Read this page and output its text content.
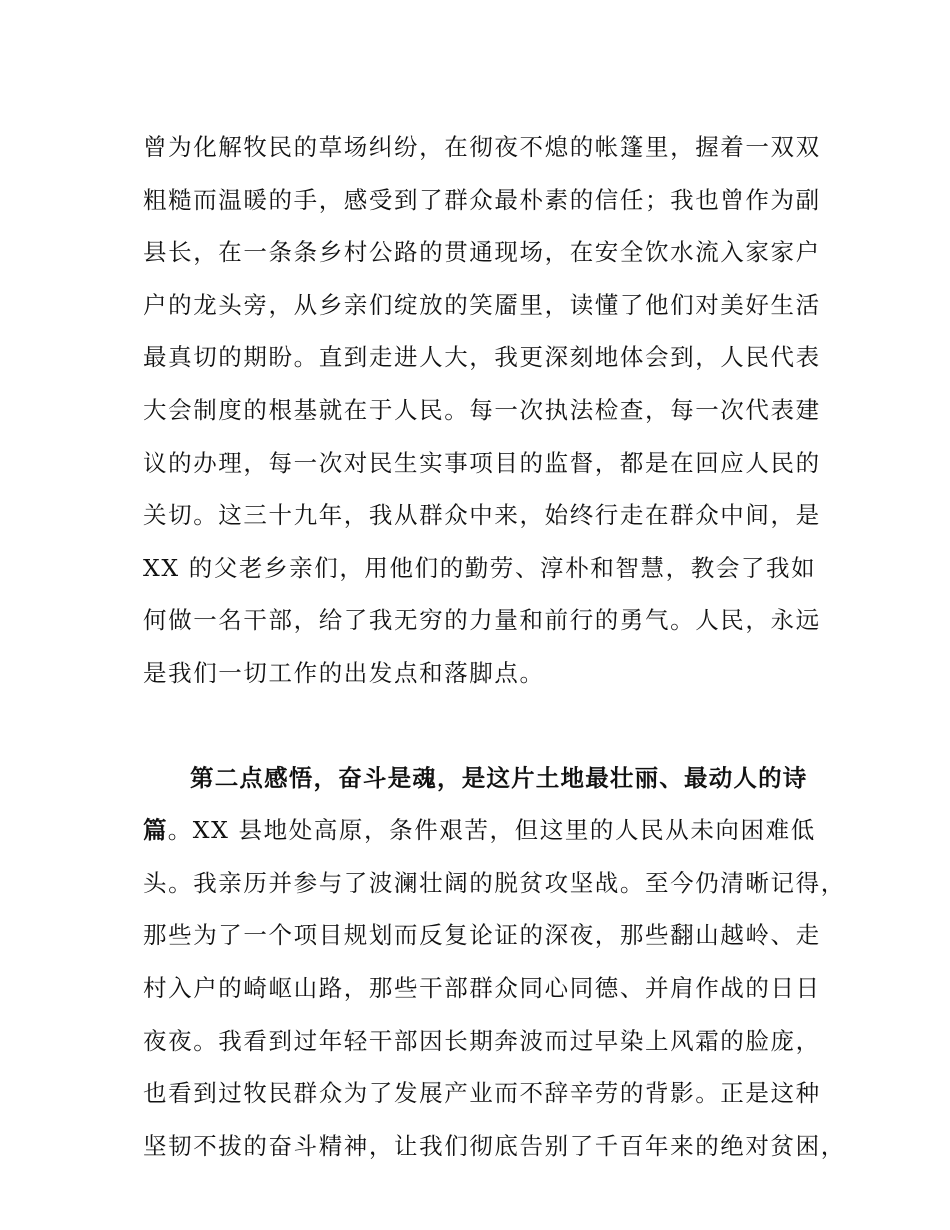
曾为化解牧民的草场纠纷，在彻夜不熄的帐篷里，握着一双双
粗糙而温暖的手，感受到了群众最朴素的信任；我也曾作为副
县长，在一条条乡村公路的贯通现场，在安全饮水流入家家户
户的龙头旁，从乡亲们绽放的笑靥里，读懂了他们对美好生活
最真切的期盼。直到走进人大，我更深刻地体会到，人民代表
大会制度的根基就在于人民。每一次执法检查，每一次代表建
议的办理，每一次对民生实事项目的监督，都是在回应人民的
关切。这三十九年，我从群众中来，始终行走在群众中间，是
XX 的父老乡亲们，用他们的勤劳、淳朴和智慧，教会了我如
何做一名干部，给了我无穷的力量和前行的勇气。人民，永远
是我们一切工作的出发点和落脚点。
第二点感悟，奋斗是魂，是这片土地最壮丽、最动人的诗
篇。XX 县地处高原，条件艰苦，但这里的人民从未向困难低
头。我亲历并参与了波澜壮阔的脱贫攻坚战。至今仍清晰记得，
那些为了一个项目规划而反复论证的深夜，那些翻山越岭、走
村入户的崎岖山路，那些干部群众同心同德、并肩作战的日日
夜夜。我看到过年轻干部因长期奔波而过早染上风霜的脸庞，
也看到过牧民群众为了发展产业而不辞辛劳的背影。正是这种
坚韧不拔的奋斗精神，让我们彻底告别了千百年来的绝对贫困，
